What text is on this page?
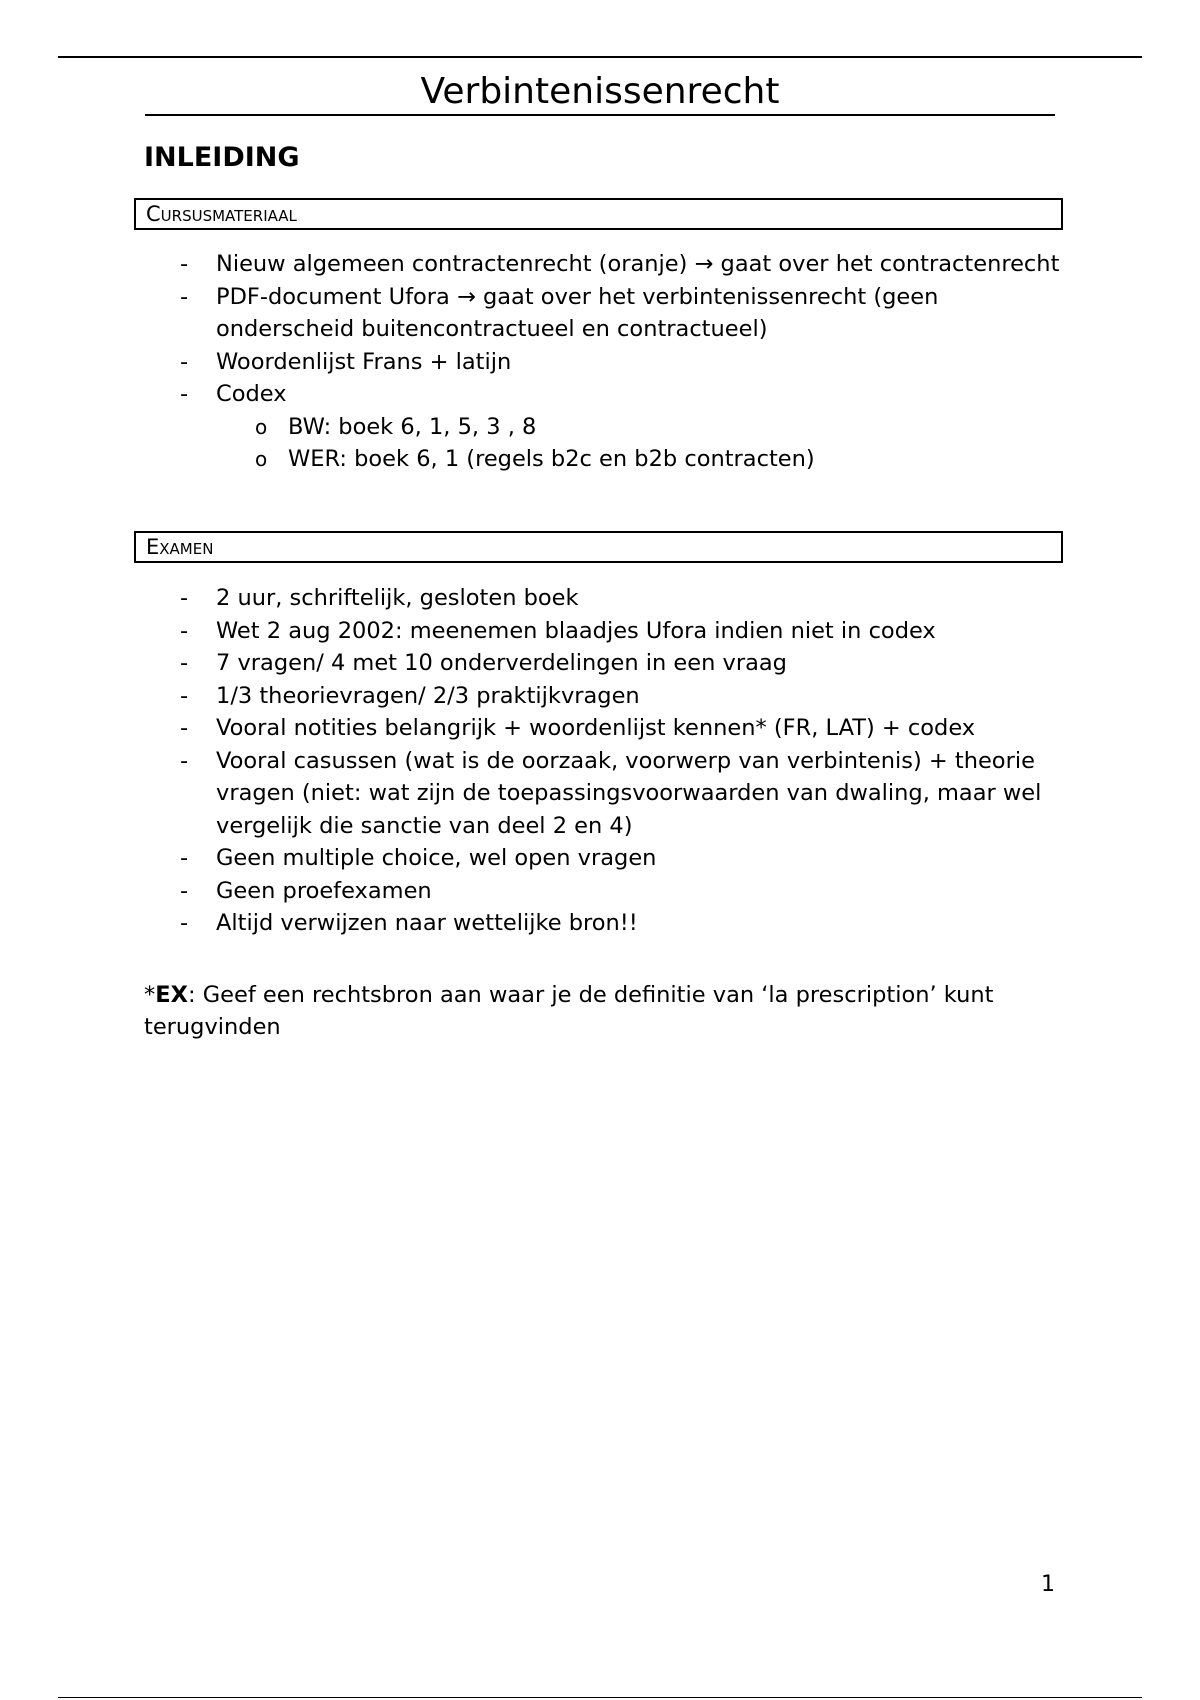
Verbintenissenrecht
INLEIDING
Cursusmateriaal
- Nieuw algemeen contractenrecht (oranje) → gaat over het contractenrecht
- PDF-document Ufora → gaat over het verbintenissenrecht (geen onderscheid buitencontractueel en contractueel)
- Woordenlijst Frans + latijn
- Codex
o BW: boek 6, 1, 5, 3 , 8
o WER: boek 6, 1 (regels b2c en b2b contracten)
Examen
- 2 uur, schriftelijk, gesloten boek
- Wet 2 aug 2002: meenemen blaadjes Ufora indien niet in codex
- 7 vragen/ 4 met 10 onderverdelingen in een vraag
- 1/3 theorievragen/ 2/3 praktijkvragen
- Vooral notities belangrijk + woordenlijst kennen* (FR, LAT) + codex
- Vooral casussen (wat is de oorzaak, voorwerp van verbintenis) + theorie vragen (niet: wat zijn de toepassingsvoorwaarden van dwaling, maar wel vergelijk die sanctie van deel 2 en 4)
- Geen multiple choice, wel open vragen
- Geen proefexamen
- Altijd verwijzen naar wettelijke bron!!

*EX: Geef een rechtsbron aan waar je de definitie van ‘la prescription’ kunt terugvinden

1
